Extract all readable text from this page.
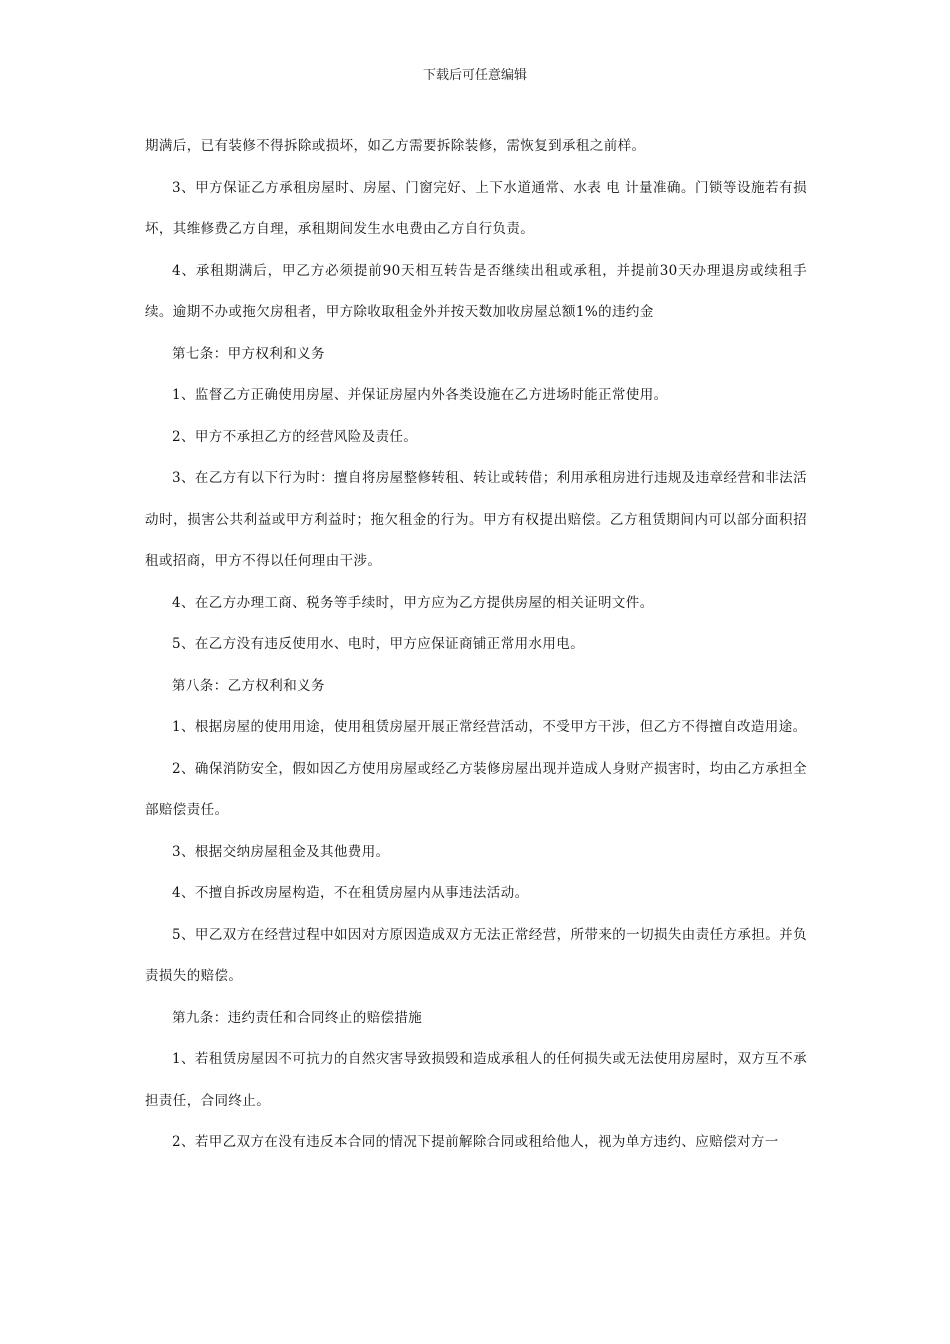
下载后可任意编辑

期满后，已有装修不得拆除或损坏，如乙方需要拆除装修，需恢复到承租之前样。

3、甲方保证乙方承租房屋时、房屋、门窗完好、上下水道通常、水表 电 计量准确。门锁等设施若有损坏，其维修费乙方自理，承租期间发生水电费由乙方自行负责。

4、承租期满后，甲乙方必须提前90天相互转告是否继续出租或承租，并提前30天办理退房或续租手续。逾期不办或拖欠房租者，甲方除收取租金外并按天数加收房屋总额1%的违约金

第七条：甲方权利和义务

1、监督乙方正确使用房屋、并保证房屋内外各类设施在乙方进场时能正常使用。

2、甲方不承担乙方的经营风险及责任。

3、在乙方有以下行为时：擅自将房屋整修转租、转让或转借；利用承租房进行违规及违章经营和非法活动时，损害公共利益或甲方利益时；拖欠租金的行为。甲方有权提出赔偿。乙方租赁期间内可以部分面积招租或招商，甲方不得以任何理由干涉。

4、在乙方办理工商、税务等手续时，甲方应为乙方提供房屋的相关证明文件。

5、在乙方没有违反使用水、电时，甲方应保证商铺正常用水用电。

第八条：乙方权利和义务

1、根据房屋的使用用途，使用租赁房屋开展正常经营活动，不受甲方干涉，但乙方不得擅自改造用途。

2、确保消防安全，假如因乙方使用房屋或经乙方装修房屋出现并造成人身财产损害时，均由乙方承担全部赔偿责任。

3、根据交纳房屋租金及其他费用。

4、不擅自拆改房屋构造，不在租赁房屋内从事违法活动。

5、甲乙双方在经营过程中如因对方原因造成双方无法正常经营，所带来的一切损失由责任方承担。并负责损失的赔偿。

第九条：违约责任和合同终止的赔偿措施

1、若租赁房屋因不可抗力的自然灾害导致损毁和造成承租人的任何损失或无法使用房屋时，双方互不承担责任，合同终止。

2、若甲乙双方在没有违反本合同的情况下提前解除合同或租给他人，视为单方违约、应赔偿对方一
